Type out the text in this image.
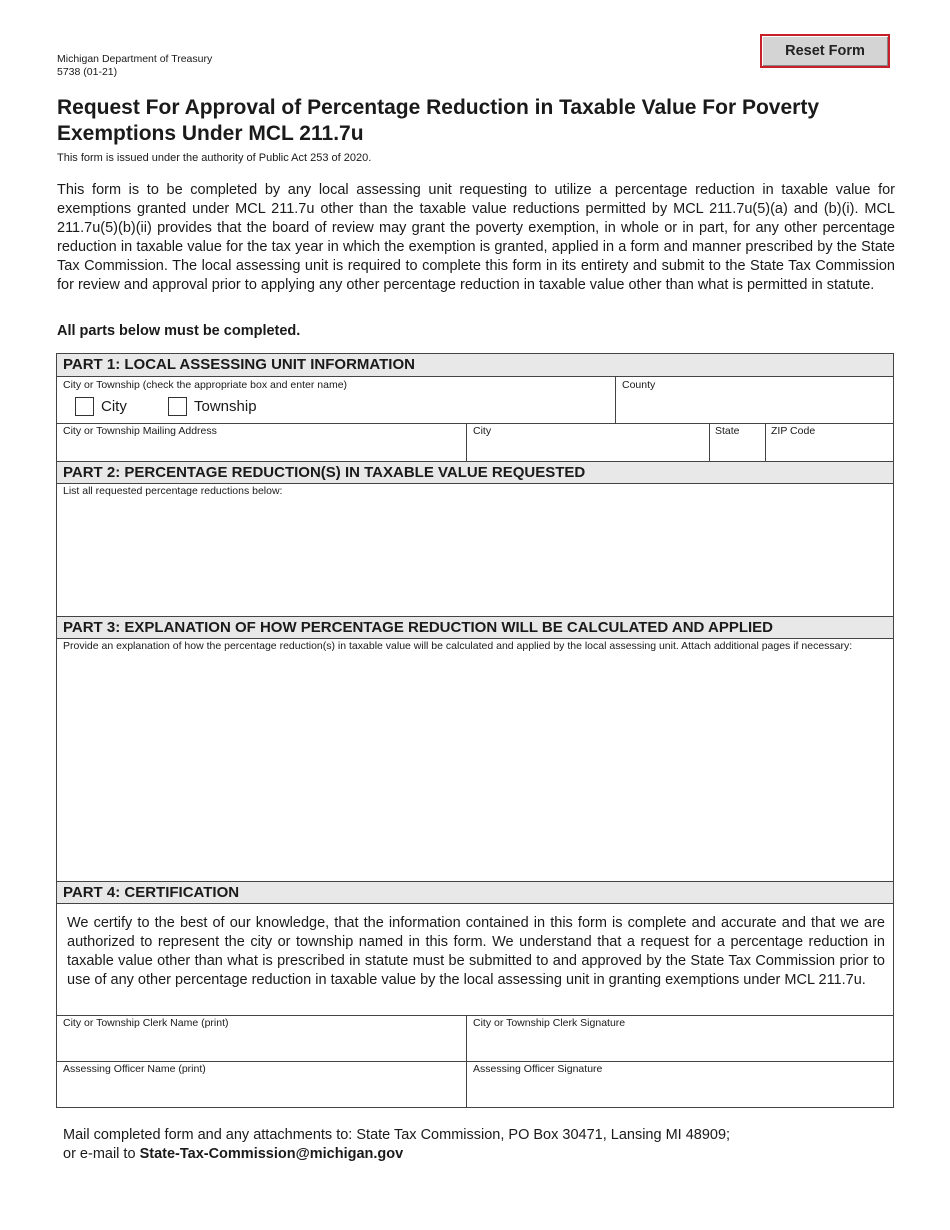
Michigan Department of Treasury
5738 (01-21)
Reset Form
Request For Approval of Percentage Reduction in Taxable Value For Poverty Exemptions Under MCL 211.7u
This form is issued under the authority of Public Act 253 of 2020.

This form is to be completed by any local assessing unit requesting to utilize a percentage reduction in taxable value for exemptions granted under MCL 211.7u other than the taxable value reductions permitted by MCL 211.7u(5)(a) and (b)(i). MCL 211.7u(5)(b)(ii) provides that the board of review may grant the poverty exemption, in whole or in part, for any other percentage reduction in taxable value for the tax year in which the exemption is granted, applied in a form and manner prescribed by the State Tax Commission. The local assessing unit is required to complete this form in its entirety and submit to the State Tax Commission for review and approval prior to applying any other percentage reduction in taxable value other than what is permitted in statute.

All parts below must be completed.
PART 1: LOCAL ASSESSING UNIT INFORMATION
City or Township (check the appropriate box and enter name)
City	Township
County
City or Township Mailing Address	City	State	ZIP Code
PART 2: PERCENTAGE REDUCTION(S) IN TAXABLE VALUE REQUESTED
List all requested percentage reductions below:
PART 3: EXPLANATION OF HOW PERCENTAGE REDUCTION WILL BE CALCULATED AND APPLIED
Provide an explanation of how the percentage reduction(s) in taxable value will be calculated and applied by the local assessing unit. Attach additional pages if necessary:
PART 4: CERTIFICATION

We certify to the best of our knowledge, that the information contained in this form is complete and accurate and that we are authorized to represent the city or township named in this form. We understand that a request for a percentage reduction in taxable value other than what is prescribed in statute must be submitted to and approved by the State Tax Commission prior to use of any other percentage reduction in taxable value by the local assessing unit in granting exemptions under MCL 211.7u.

City or Township Clerk Name (print)	City or Township Clerk Signature
Assessing Officer Name (print)	Assessing Officer Signature
Mail completed form and any attachments to: State Tax Commission, PO Box 30471, Lansing MI 48909;
or e-mail to State-Tax-Commission@michigan.gov
